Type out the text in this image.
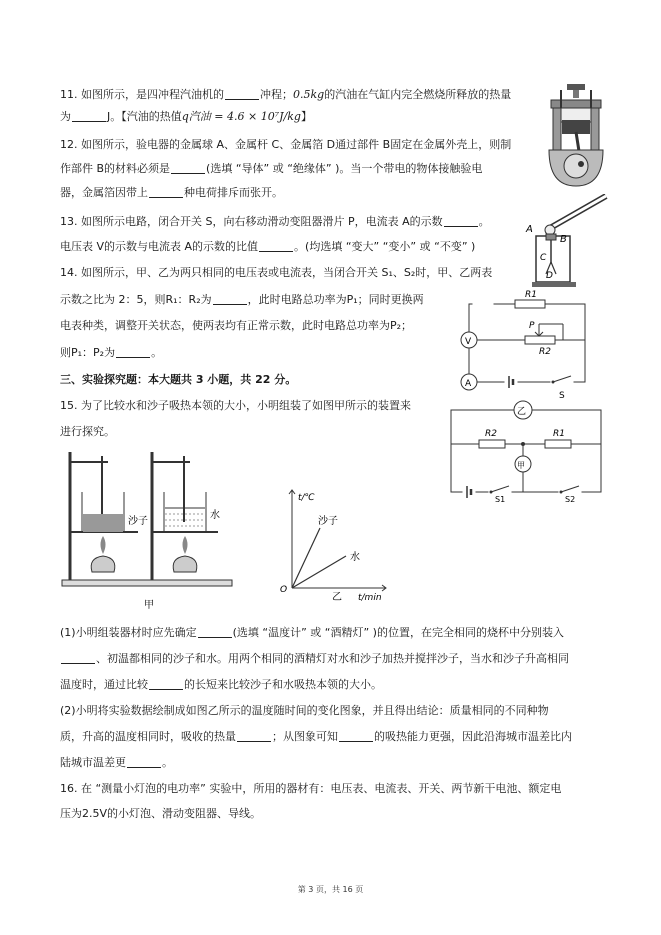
11. 如图所示，是四冲程汽油机的	冲程；0.5kg的汽油在气缸内完全燃烧所释放的热量
为	J。【汽油的热值q汽油 = 4.6 × 10⁷J/kg】
12. 如图所示，验电器的金属球 A、金属杆 C、金属箔 D通过部件 B固定在金属外壳上，则制
作部件 B的材料必须是	(选填 “导体” 或 “绝缘体” )。当一个带电的物体接触验电
器，金属箔因带上	种电荷排斥而张开。
13. 如图所示电路，闭合开关 S，向右移动滑动变阻器滑片 P，电流表 A的示数	。
电压表 V的示数与电流表 A的示数的比值	。(均选填 “变大” “变小” 或 “不变” )
14. 如图所示，甲、乙为两只相同的电压表或电流表，当闭合开关 S₁、S₂时，甲、乙两表
示数之比为 2：5，则R₁：R₂为	，此时电路总功率为P₁；同时更换两
电表种类，调整开关状态，使两表均有正常示数，此时电路总功率为P₂；
则P₁：P₂为	。
三、实验探究题：本大题共 3 小题，共 22 分。
15. 为了比较水和沙子吸热本领的大小，小明组装了如图甲所示的装置来
进行探究。
(1)小明组装器材时应先确定	(选填 “温度计” 或 “酒精灯” )的位置，在完全相同的烧杯中分别装入
、初温都相同的沙子和水。用两个相同的酒精灯对水和沙子加热并搅拌沙子，当水和沙子升高相同
温度时，通过比较	的长短来比较沙子和水吸热本领的大小。
(2)小明将实验数据绘制成如图乙所示的温度随时间的变化图象，并且得出结论：质量相同的不同种物
质，升高的温度相同时，吸收的热量	；从图象可知	的吸热能力更强，因此沿海城市温差比内
陆城市温差更	。
16. 在 “测量小灯泡的电功率” 实验中，所用的器材有：电压表、电流表、开关、两节新干电池、额定电
压为2.5V的小灯泡、滑动变阻器、导线。
A
B
C
D
R1
V
P
R2
A
S
乙
R2	R1
甲
S1	S2
沙子
水
甲
t/℃
t/min
O
沙子
水
乙
第 3 页，共 16 页
